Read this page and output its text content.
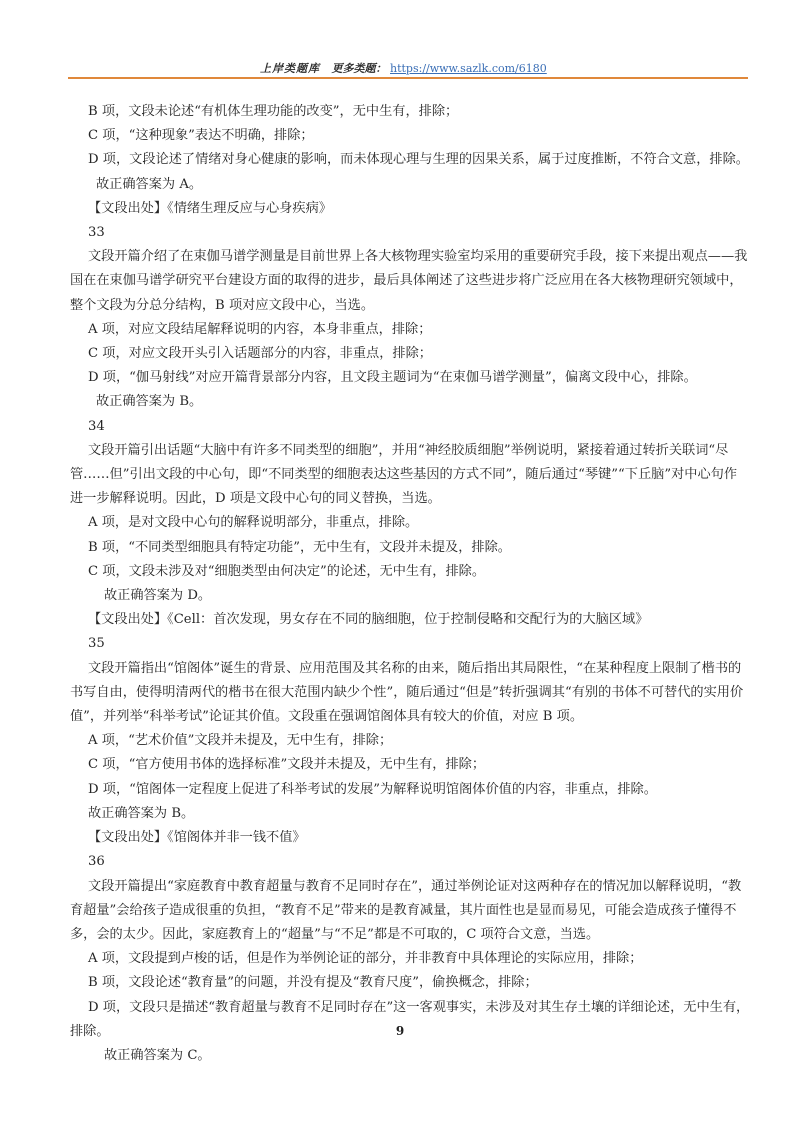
上岸类题库 更多类题： https://www.sazlk.com/6180

B 项，文段未论述“有机体生理功能的改变”，无中生有，排除；

C 项，“这种现象”表达不明确，排除；

D 项，文段论述了情绪对身心健康的影响，而未体现心理与生理的因果关系，属于过度推断，不符合文意，排除。

故正确答案为 A。

【文段出处】《情绪生理反应与心身疾病》

33

文段开篇介绍了在束伽马谱学测量是目前世界上各大核物理实验室均采用的重要研究手段，接下来提出观点——我国在在束伽马谱学研究平台建设方面的取得的进步，最后具体阐述了这些进步将广泛应用在各大核物理研究领域中，整个文段为分总分结构，B 项对应文段中心，当选。

A 项，对应文段结尾解释说明的内容，本身非重点，排除；

C 项，对应文段开头引入话题部分的内容，非重点，排除；

D 项，“伽马射线”对应开篇背景部分内容，且文段主题词为“在束伽马谱学测量”，偏离文段中心，排除。

故正确答案为 B。

34

文段开篇引出话题“大脑中有许多不同类型的细胞”，并用“神经胶质细胞”举例说明，紧接着通过转折关联词“尽管……但”引出文段的中心句，即“不同类型的细胞表达这些基因的方式不同”，随后通过“琴键”“下丘脑”对中心句作进一步解释说明。因此，D 项是文段中心句的同义替换，当选。

A 项，是对文段中心句的解释说明部分，非重点，排除。

B 项，“不同类型细胞具有特定功能”，无中生有，文段并未提及，排除。

C 项，文段未涉及对“细胞类型由何决定”的论述，无中生有，排除。

故正确答案为 D。

【文段出处】《Cell：首次发现，男女存在不同的脑细胞，位于控制侵略和交配行为的大脑区域》

35

文段开篇指出“馆阁体”诞生的背景、应用范围及其名称的由来，随后指出其局限性，“在某种程度上限制了楷书的书写自由，使得明清两代的楷书在很大范围内缺少个性”，随后通过“但是”转折强调其“有别的书体不可替代的实用价值”，并列举“科举考试”论证其价值。文段重在强调馆阁体具有较大的价值，对应 B 项。

A 项，“艺术价值”文段并未提及，无中生有，排除；

C 项，“官方使用书体的选择标准”文段并未提及，无中生有，排除；

D 项，“馆阁体一定程度上促进了科举考试的发展”为解释说明馆阁体价值的内容，非重点，排除。

故正确答案为 B。

【文段出处】《馆阁体并非一钱不值》

36

文段开篇提出“家庭教育中教育超量与教育不足同时存在”，通过举例论证对这两种存在的情况加以解释说明，“教育超量”会给孩子造成很重的负担，“教育不足”带来的是教育减量，其片面性也是显而易见，可能会造成孩子懂得不多，会的太少。因此，家庭教育上的“超量”与“不足”都是不可取的，C 项符合文意，当选。

A 项，文段提到卢梭的话，但是作为举例论证的部分，并非教育中具体理论的实际应用，排除；

B 项，文段论述“教育量”的问题，并没有提及“教育尺度”，偷换概念，排除；

D 项，文段只是描述“教育超量与教育不足同时存在”这一客观事实，未涉及对其生存土壤的详细论述，无中生有，排除。

故正确答案为 C。

9
